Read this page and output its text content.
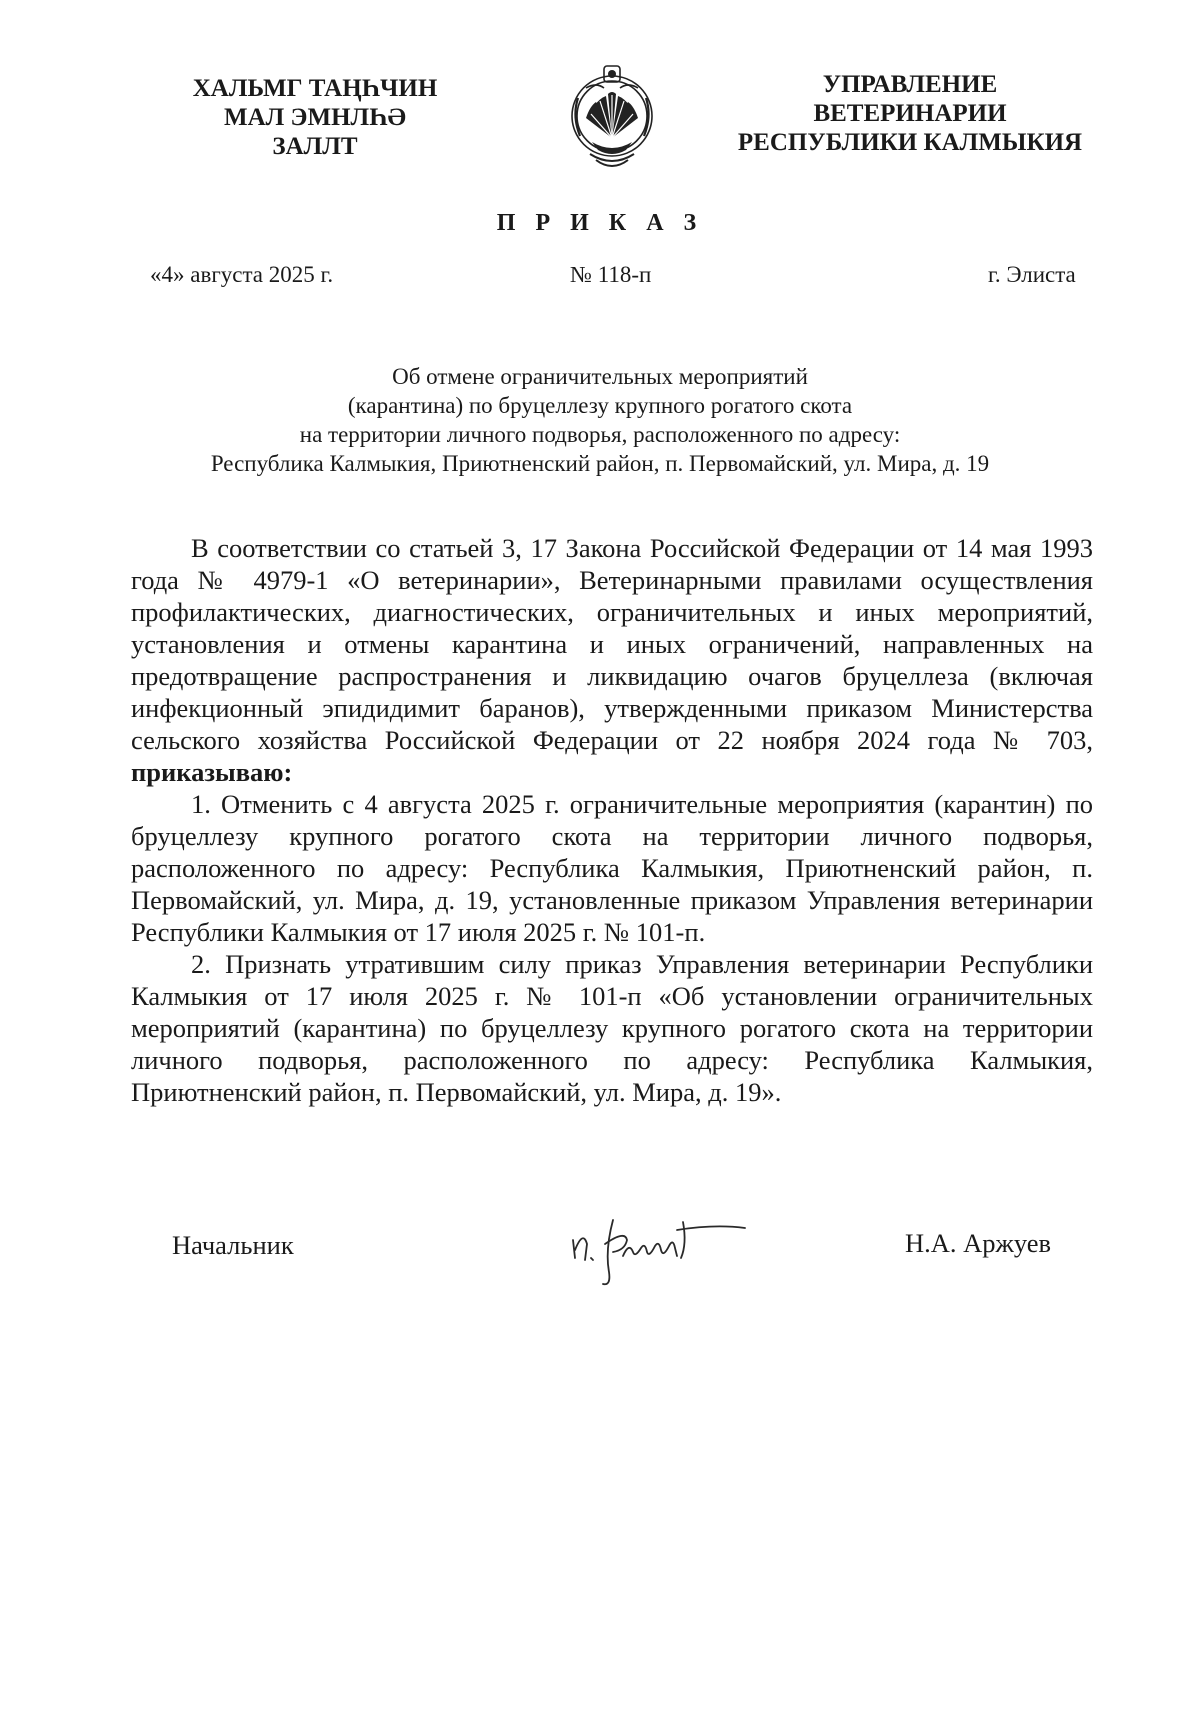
ХАЛЬМГ ТАҢҺЧИН
МАЛ ЭМНЛҺӘ
ЗАЛЛТ
УПРАВЛЕНИЕ
ВЕТЕРИНАРИИ
РЕСПУБЛИКИ КАЛМЫКИЯ
П Р И К А З
«4» августа 2025 г.	№ 118-п	г. Элиста
Об отмене ограничительных мероприятий
(карантина) по бруцеллезу крупного рогатого скота
на территории личного подворья, расположенного по адресу:
Республика Калмыкия, Приютненский район, п. Первомайский, ул. Мира, д. 19

В соответствии со статьей 3, 17 Закона Российской Федерации от 14 мая 1993 года № 4979-1 «О ветеринарии», Ветеринарными правилами осуществления профилактических, диагностических, ограничительных и иных мероприятий, установления и отмены карантина и иных ограничений, направленных на предотвращение распространения и ликвидацию очагов бруцеллеза (включая инфекционный эпидидимит баранов), утвержденными приказом Министерства сельского хозяйства Российской Федерации от 22 ноября 2024 года № 703, приказываю:

1. Отменить с 4 августа 2025 г. ограничительные мероприятия (карантин) по бруцеллезу крупного рогатого скота на территории личного подворья, расположенного по адресу: Республика Калмыкия, Приютненский район, п. Первомайский, ул. Мира, д. 19, установленные приказом Управления ветеринарии Республики Калмыкия от 17 июля 2025 г. № 101-п.

2. Признать утратившим силу приказ Управления ветеринарии Республики Калмыкия от 17 июля 2025 г. № 101-п «Об установлении ограничительных мероприятий (карантина) по бруцеллезу крупного рогатого скота на территории личного подворья, расположенного по адресу: Республика Калмыкия, Приютненский район, п. Первомайский, ул. Мира, д. 19».

Начальник	Н.А. Аржуев
